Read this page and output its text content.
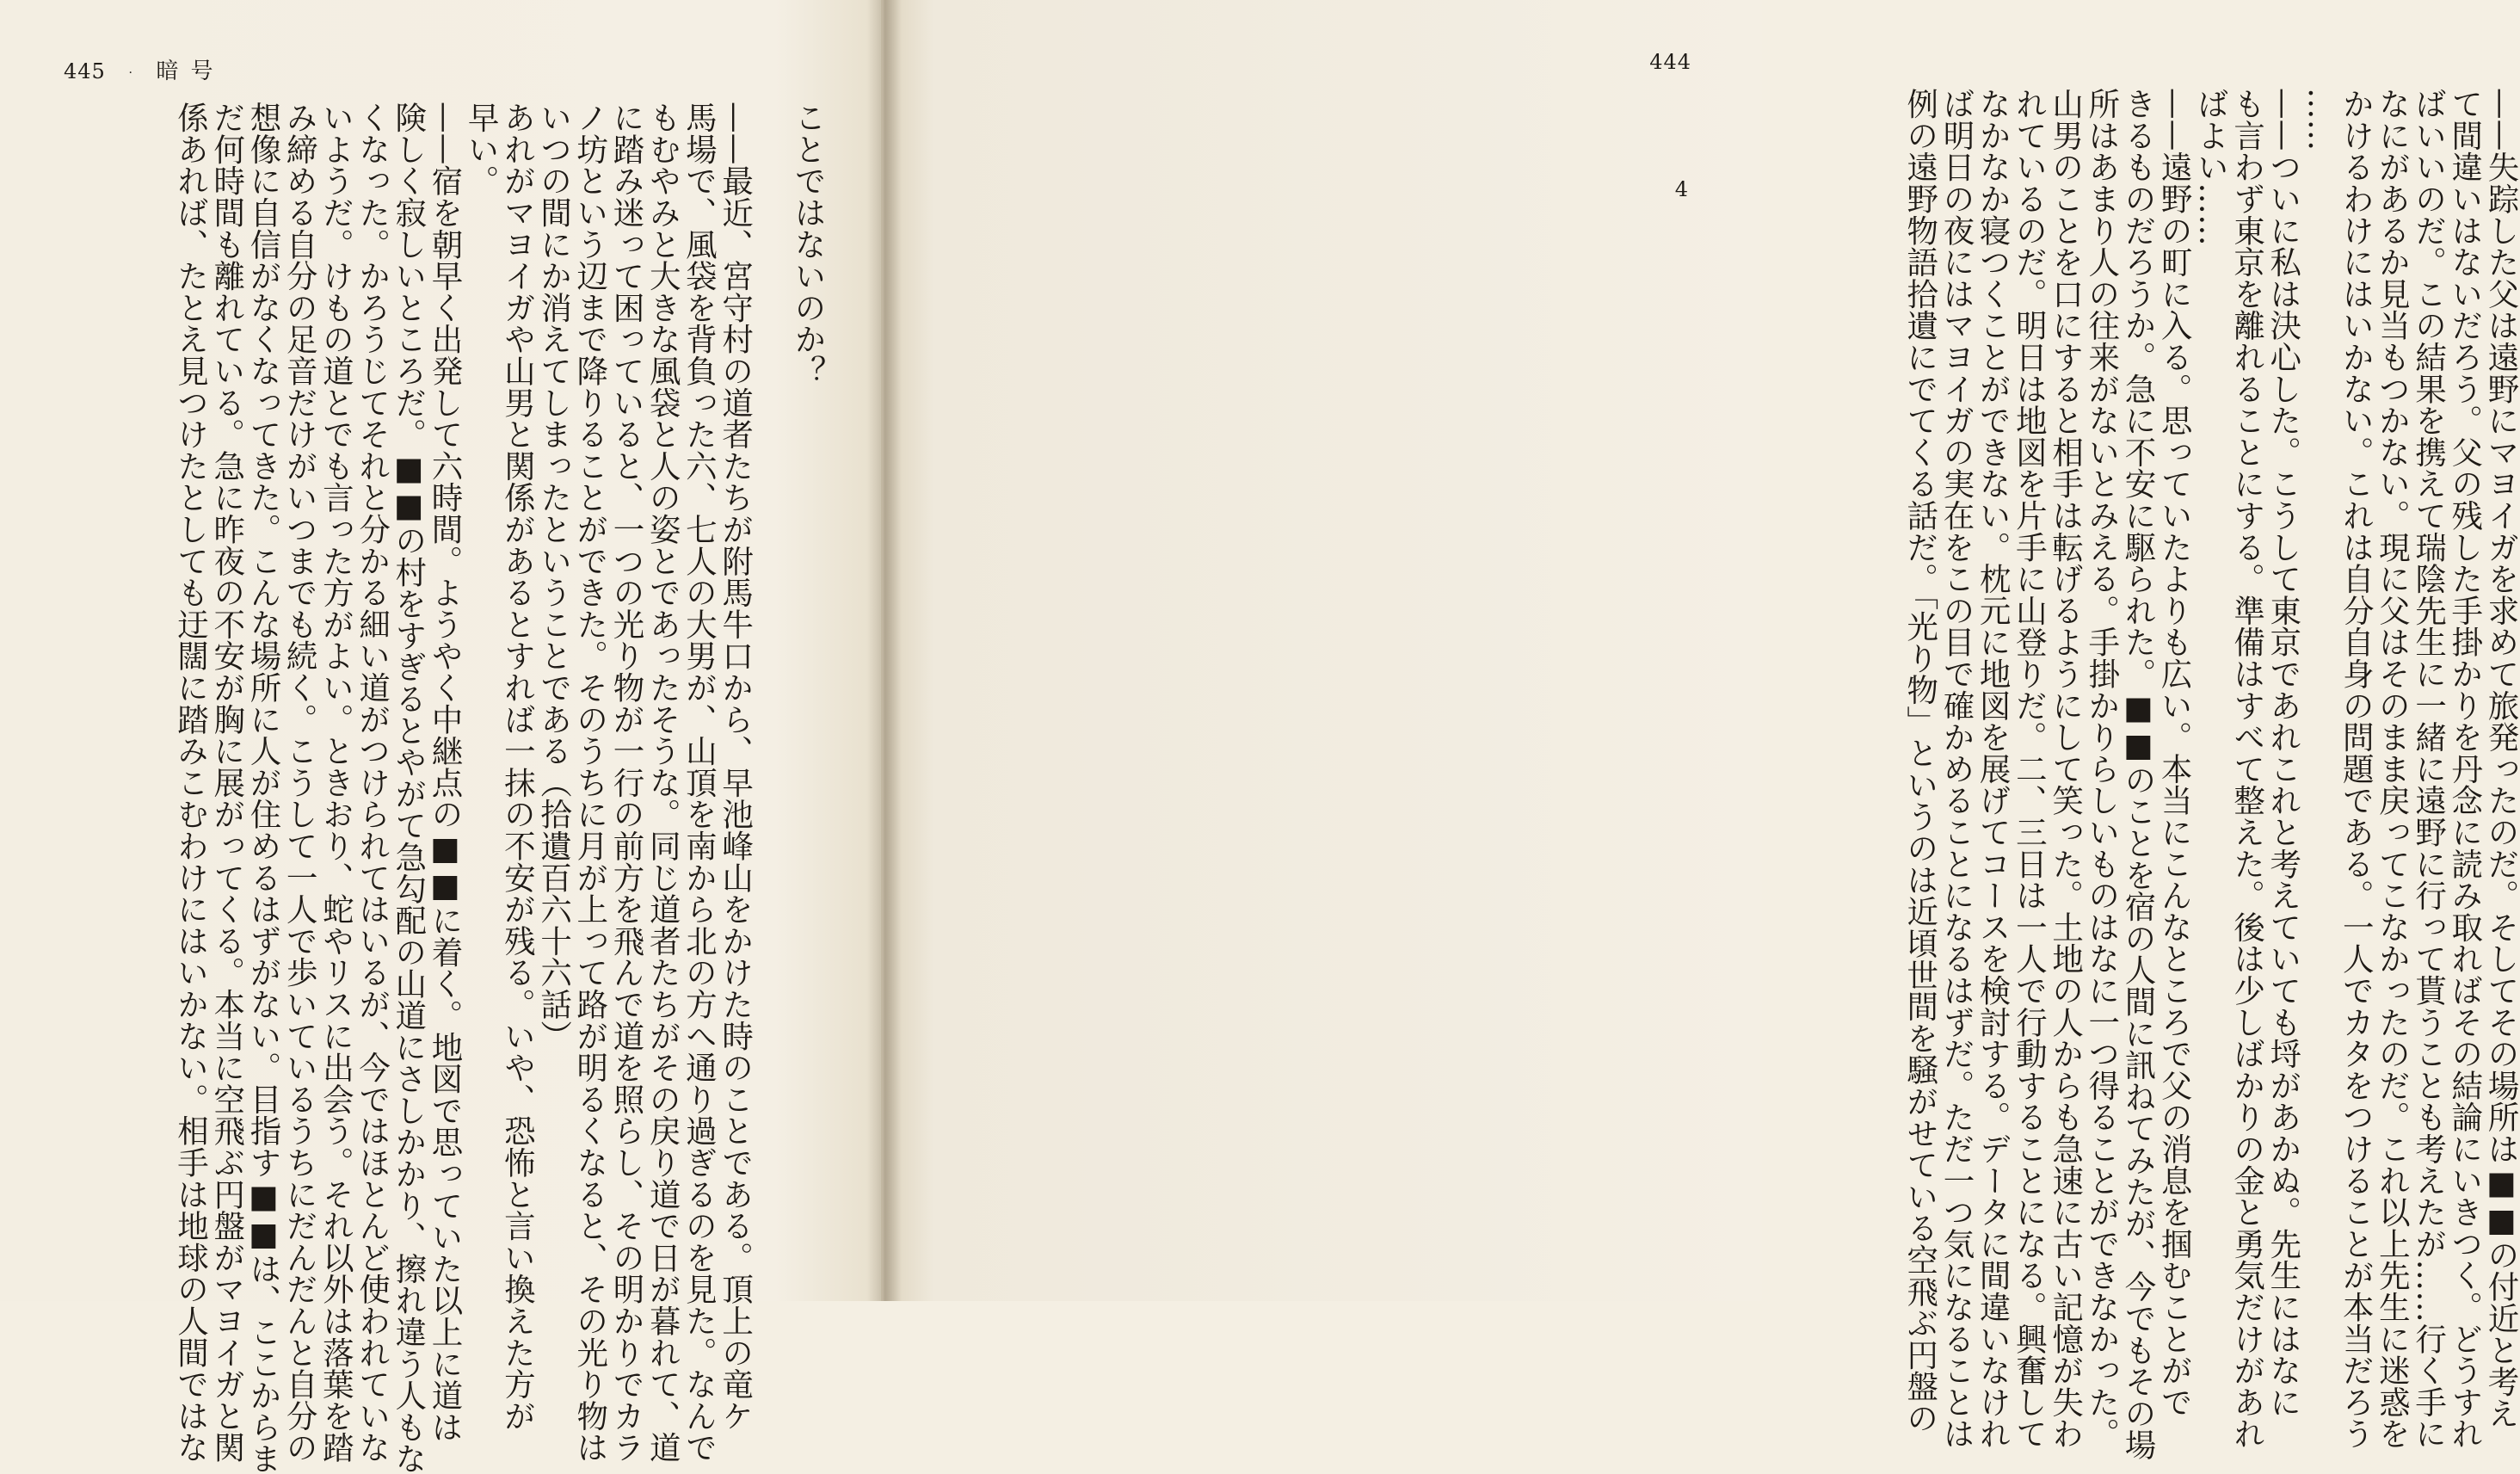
445 · 暗号
ことではないのか？

——最近、宮守村の道者たちが附馬牛口から、早池峰山をかけた時のことである。頂上の竜ケ
馬場で、風袋を背負った六、七人の大男が、山頂を南から北の方へ通り過ぎるのを見た。なんで
もむやみと大きな風袋と人の姿とであったそうな。同じ道者たちがその戻り道で日が暮れて、道
に踏み迷って困っていると、一つの光り物が一行の前方を飛んで道を照らし、その明かりでカラ
ノ坊という辺まで降りることができた。そのうちに月が上って路が明るくなると、その光り物は
いつの間にか消えてしまったということである（拾遺百六十六話）
あれがマヨイガや山男と関係があるとすれば一抹の不安が残る。いや、恐怖と言い換えた方が
早い。
——宿を朝早く出発して六時間。ようやく中継点の■■に着く。地図で思っていた以上に道は
険しく寂しいところだ。■■の村をすぎるとやがて急勾配の山道にさしかかり、擦れ違う人もな
くなった。かろうじてそれと分かる細い道がつけられてはいるが、今ではほとんど使われていな
いようだ。けもの道とでも言った方がよい。ときおり、蛇やリスに出会う。それ以外は落葉を踏
み締める自分の足音だけがいつまでも続く。こうして一人で歩いているうちにだんだんと自分の
想像に自信がなくなってきた。こんな場所に人が住めるはずがない。目指す■■は、ここからま
だ何時間も離れている。急に昨夜の不安が胸に展がってくる。本当に空飛ぶ円盤がマヨイガと関
係あれば、たとえ見つけたとしても迂闊に踏みこむわけにはいかない。相手は地球の人間ではな
444
4	——失踪した父は遠野にマヨイガを求めて旅発ったのだ。そしてその場所は■■の付近と考え
て間違いはないだろう。父の残した手掛かりを丹念に読み取ればその結論にいきつく。どうすれ
ばいいのだ。この結果を携えて瑞陰先生に一緒に遠野に行って貰うことも考えたが……行く手に
なにがあるか見当もつかない。現に父はそのまま戻ってこなかったのだ。これ以上先生に迷惑を
かけるわけにはいかない。これは自分自身の問題である。一人でカタをつけることが本当だろう
……
——ついに私は決心した。こうして東京であれこれと考えていても埒があかぬ。先生にはなに
も言わず東京を離れることにする。準備はすべて整えた。後は少しばかりの金と勇気だけがあれ
ばよい……
——遠野の町に入る。思っていたよりも広い。本当にこんなところで父の消息を掴むことがで
きるものだろうか。急に不安に駆られた。■■のことを宿の人間に訊ねてみたが、今でもその場
所はあまり人の往来がないとみえる。手掛かりらしいものはなに一つ得ることができなかった。
山男のことを口にすると相手は転げるようにして笑った。土地の人からも急速に古い記憶が失わ
れているのだ。明日は地図を片手に山登りだ。二、三日は一人で行動することになる。興奮して
なかなか寝つくことができない。枕元に地図を展げてコースを検討する。データに間違いなけれ
ば明日の夜にはマヨイガの実在をこの目で確かめることになるはずだ。ただ一つ気になることは
例の遠野物語拾遺にでてくる話だ。「光り物」というのは近頃世間を騒がせている空飛ぶ円盤の
